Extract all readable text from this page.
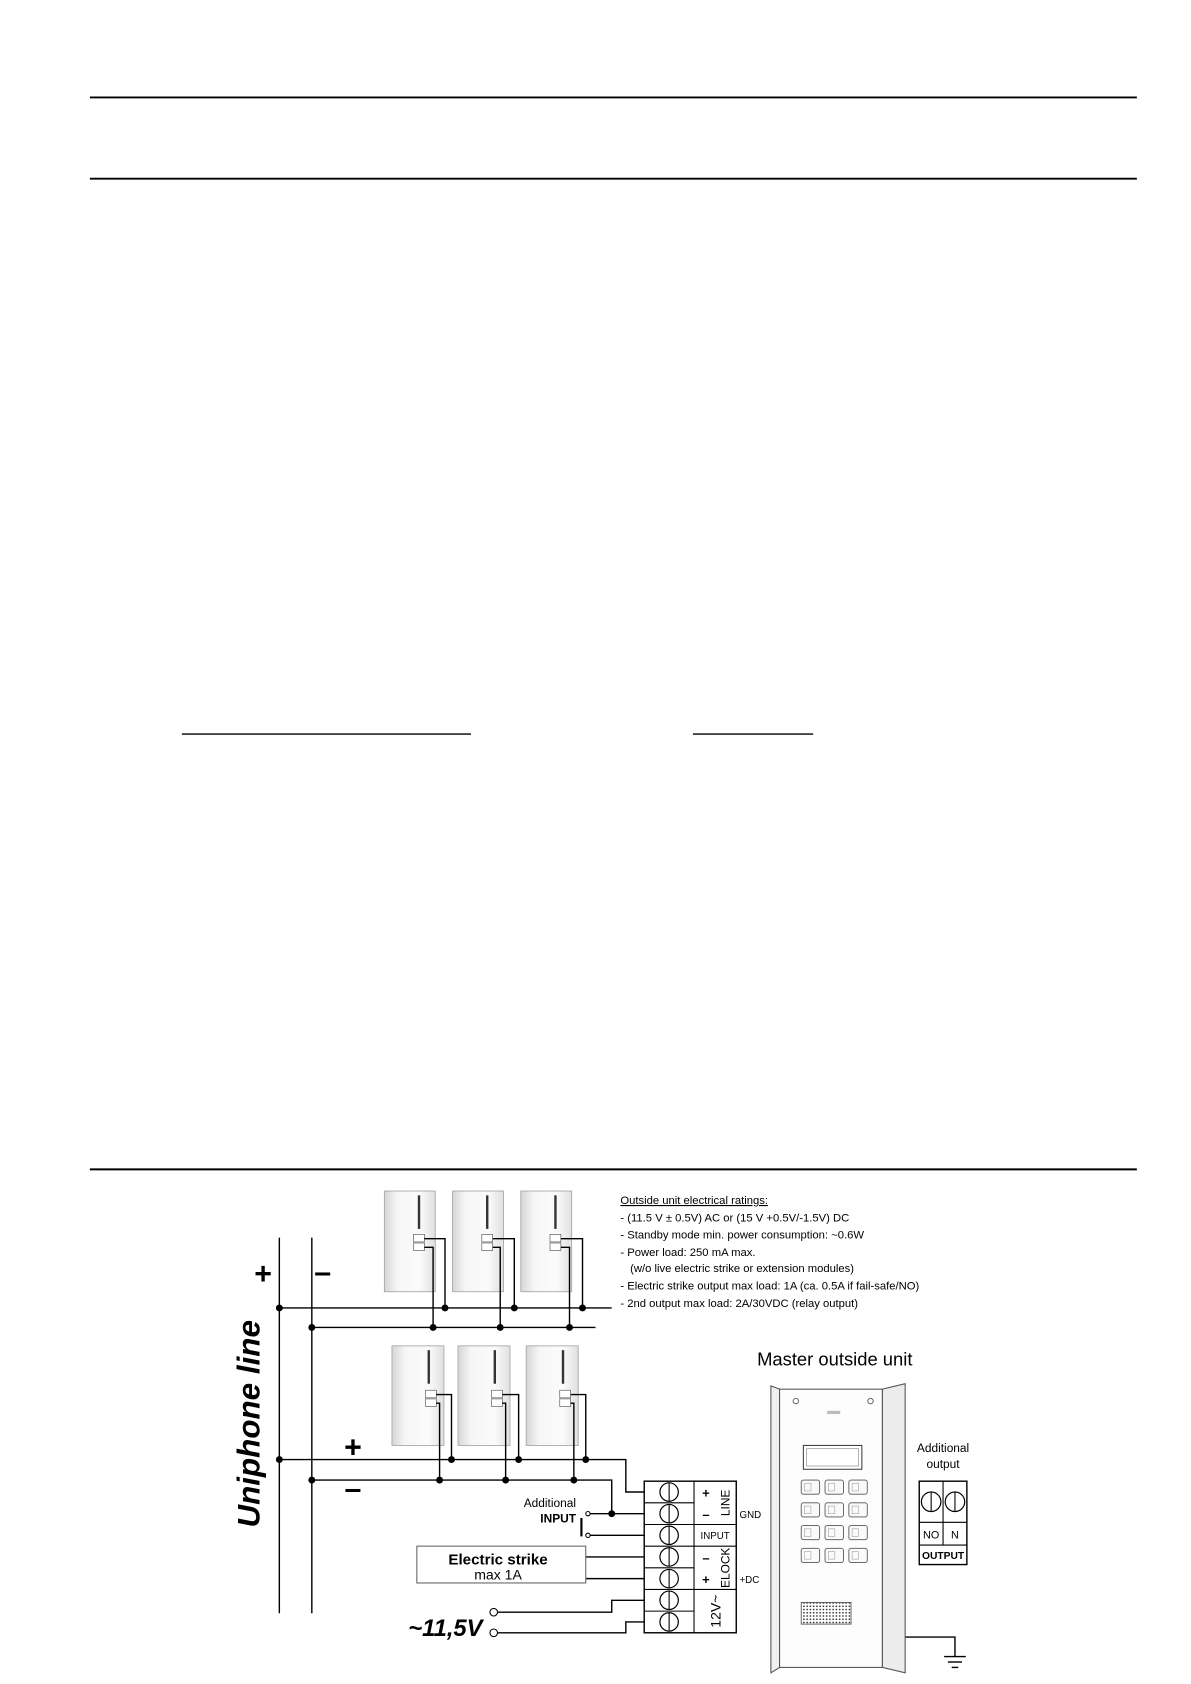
Outside unit electrical ratings:
- (11.5 V ± 0.5V) AC or (15 V +0.5V/-1.5V) DC
- Standby mode min. power consumption: ~0.6W
- Power load: 250 mA max.
(w/o live electric strike or extension modules)
- Electric strike output max load: 1A (ca. 0.5A if fail-safe/NO)
- 2nd output max load: 2A/30VDC (relay output)
Uniphone line
+ –
+
–	Additional
INPUT
Electric strike
max 1A
~11,5V
+
– LINE
INPUT
–
+ ELOCK
12V~
GND
+DC
Master outside unit
Additional
output
NO N
OUTPUT
